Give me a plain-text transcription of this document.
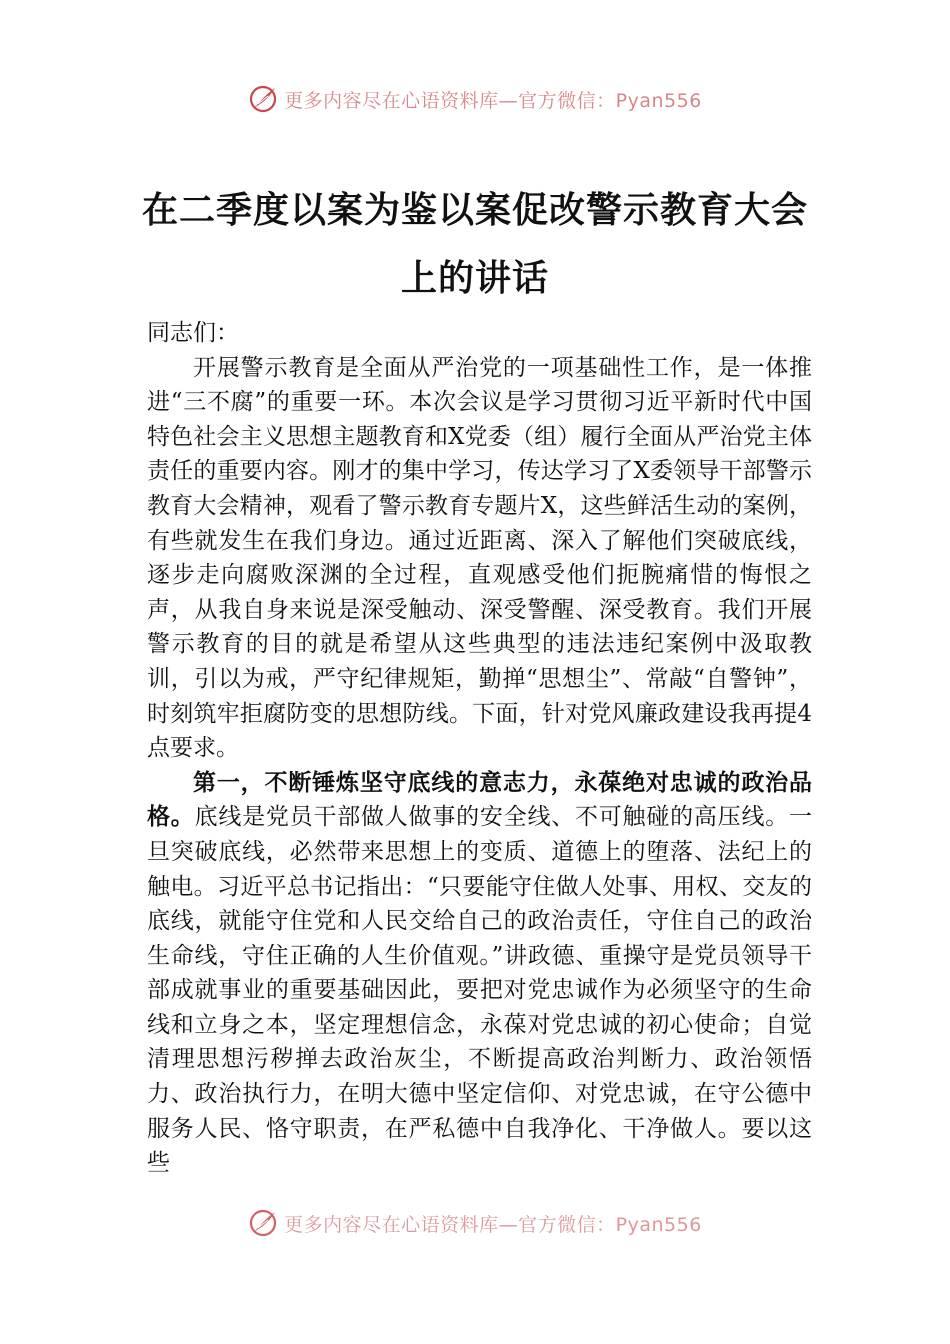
更多内容尽在心语资料库—官方微信：Pyan556
在二季度以案为鉴以案促改警示教育大会
上的讲话

同志们：

开展警示教育是全面从严治党的一项基础性工作，是一体推进“三不腐”的重要一环。本次会议是学习贯彻习近平新时代中国特色社会主义思想主题教育和X党委（组）履行全面从严治党主体责任的重要内容。刚才的集中学习，传达学习了X委领导干部警示教育大会精神，观看了警示教育专题片X，这些鲜活生动的案例，有些就发生在我们身边。通过近距离、深入了解他们突破底线，逐步走向腐败深渊的全过程，直观感受他们扼腕痛惜的悔恨之声，从我自身来说是深受触动、深受警醒、深受教育。我们开展警示教育的目的就是希望从这些典型的违法违纪案例中汲取教训，引以为戒，严守纪律规矩，勤掸“思想尘”、常敲“自警钟”，时刻筑牢拒腐防变的思想防线。下面，针对党风廉政建设我再提4点要求。

第一，不断锤炼坚守底线的意志力，永葆绝对忠诚的政治品格。底线是党员干部做人做事的安全线、不可触碰的高压线。一旦突破底线，必然带来思想上的变质、道德上的堕落、法纪上的触电。习近平总书记指出：“只要能守住做人处事、用权、交友的底线，就能守住党和人民交给自己的政治责任，守住自己的政治生命线，守住正确的人生价值观。”讲政德、重操守是党员领导干部成就事业的重要基础因此，要把对党忠诚作为必须坚守的生命线和立身之本，坚定理想信念，永葆对党忠诚的初心使命；自觉清理思想污秽掸去政治灰尘，不断提高政治判断力、政治领悟力、政治执行力，在明大德中坚定信仰、对党忠诚，在守公德中服务人民、恪守职责，在严私德中自我净化、干净做人。要以这些

更多内容尽在心语资料库—官方微信：Pyan556
